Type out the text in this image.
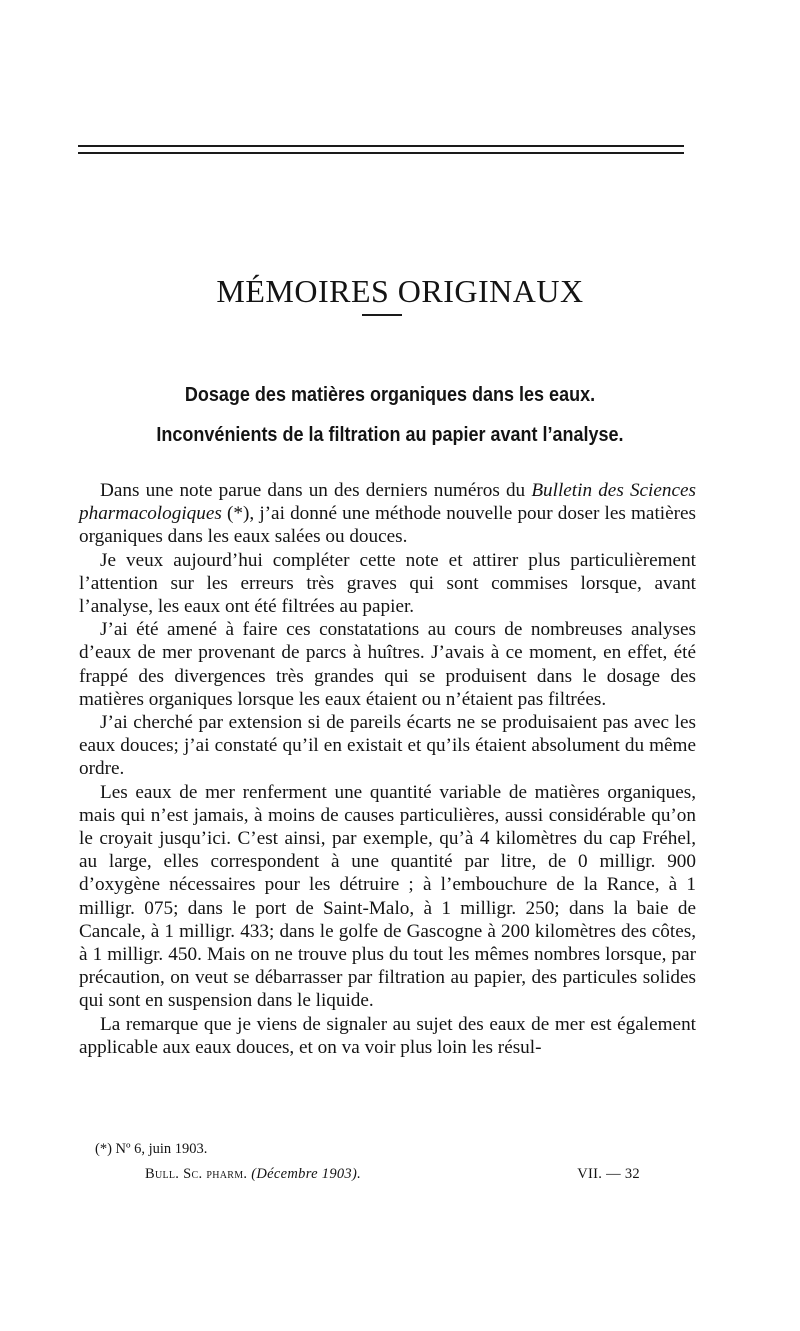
MÉMOIRES ORIGINAUX
Dosage des matières organiques dans les eaux.
Inconvénients de la filtration au papier avant l’analyse.

Dans une note parue dans un des derniers numéros du Bulletin des Sciences pharmacologiques (*), j’ai donné une méthode nouvelle pour doser les matières organiques dans les eaux salées ou douces.

Je veux aujourd’hui compléter cette note et attirer plus particulièrement l’attention sur les erreurs très graves qui sont commises lorsque, avant l’analyse, les eaux ont été filtrées au papier.

J’ai été amené à faire ces constatations au cours de nombreuses analyses d’eaux de mer provenant de parcs à huîtres. J’avais à ce moment, en effet, été frappé des divergences très grandes qui se produisent dans le dosage des matières organiques lorsque les eaux étaient ou n’étaient pas filtrées.

J’ai cherché par extension si de pareils écarts ne se produisaient pas avec les eaux douces; j’ai constaté qu’il en existait et qu’ils étaient absolument du même ordre.

Les eaux de mer renferment une quantité variable de matières organiques, mais qui n’est jamais, à moins de causes particulières, aussi considérable qu’on le croyait jusqu’ici. C’est ainsi, par exemple, qu’à 4 kilomètres du cap Fréhel, au large, elles correspondent à une quantité par litre, de 0 milligr. 900 d’oxygène nécessaires pour les détruire ; à l’embouchure de la Rance, à 1 milligr. 075; dans le port de Saint-Malo, à 1 milligr. 250; dans la baie de Cancale, à 1 milligr. 433; dans le golfe de Gascogne à 200 kilomètres des côtes, à 1 milligr. 450. Mais on ne trouve plus du tout les mêmes nombres lorsque, par précaution, on veut se débarrasser par filtration au papier, des particules solides qui sont en suspension dans le liquide.

La remarque que je viens de signaler au sujet des eaux de mer est également applicable aux eaux douces, et on va voir plus loin les résul-

(*) Nº 6, juin 1903.
Bull. Sc. pharm. (Décembre 1903).	VII. — 32
